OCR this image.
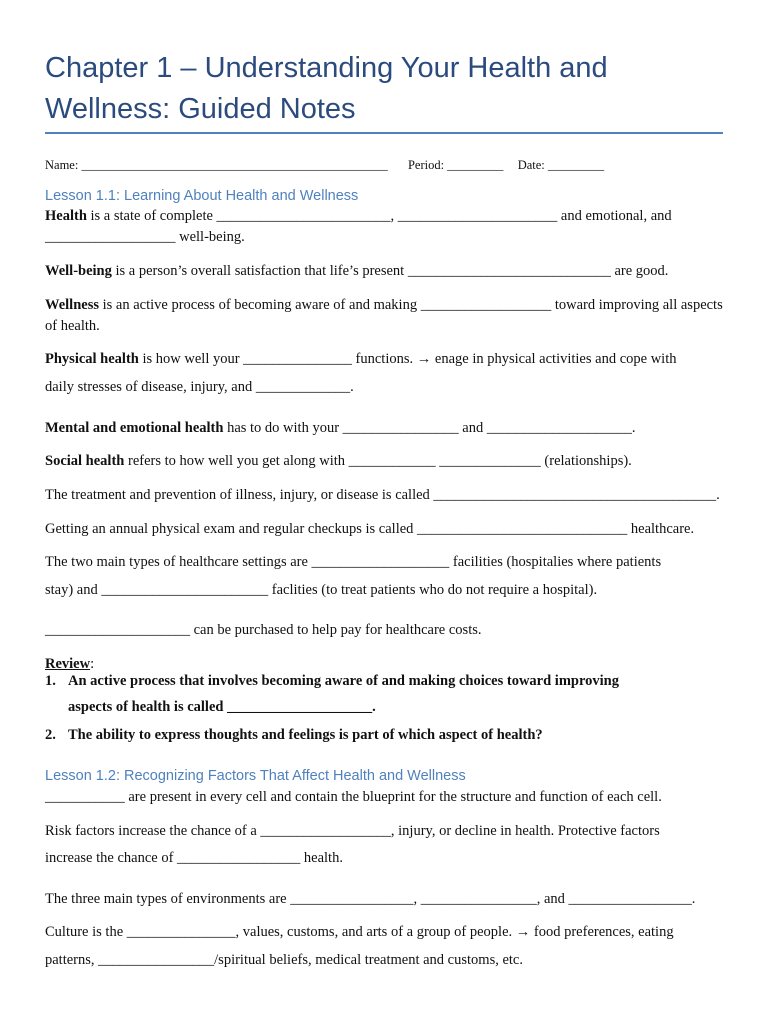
Chapter 1 – Understanding Your Health and Wellness: Guided Notes
Name: _________________________________________________ Period: _________ Date: _________
Lesson 1.1: Learning About Health and Wellness
Health is a state of complete ________________________, ______________________ and emotional, and __________________ well-being.
Well-being is a person’s overall satisfaction that life’s present ____________________________ are good.
Wellness is an active process of becoming aware of and making __________________ toward improving all aspects of health.
Physical health is how well your _______________ functions. → enage in physical activities and cope with
daily stresses of disease, injury, and _____________.
Mental and emotional health has to do with your ________________ and ____________________.
Social health refers to how well you get along with ____________ ______________ (relationships).
The treatment and prevention of illness, injury, or disease is called _______________________________________.
Getting an annual physical exam and regular checkups is called _____________________________ healthcare.
The two main types of healthcare settings are ___________________ facilities (hospitalies where patients
stay) and _______________________ faclities (to treat patients who do not require a hospital).
____________________ can be purchased to help pay for healthcare costs.
Review:
1. An active process that involves becoming aware of and making choices toward improving
aspects of health is called ____________________.
2. The ability to express thoughts and feelings is part of which aspect of health?
Lesson 1.2: Recognizing Factors That Affect Health and Wellness
___________ are present in every cell and contain the blueprint for the structure and function of each cell.
Risk factors increase the chance of a __________________, injury, or decline in health. Protective factors
increase the chance of _________________ health.
The three main types of environments are _________________, ________________, and _________________.
Culture is the _______________, values, customs, and arts of a group of people. → food preferences, eating
patterns, ________________/spiritual beliefs, medical treatment and customs, etc.
